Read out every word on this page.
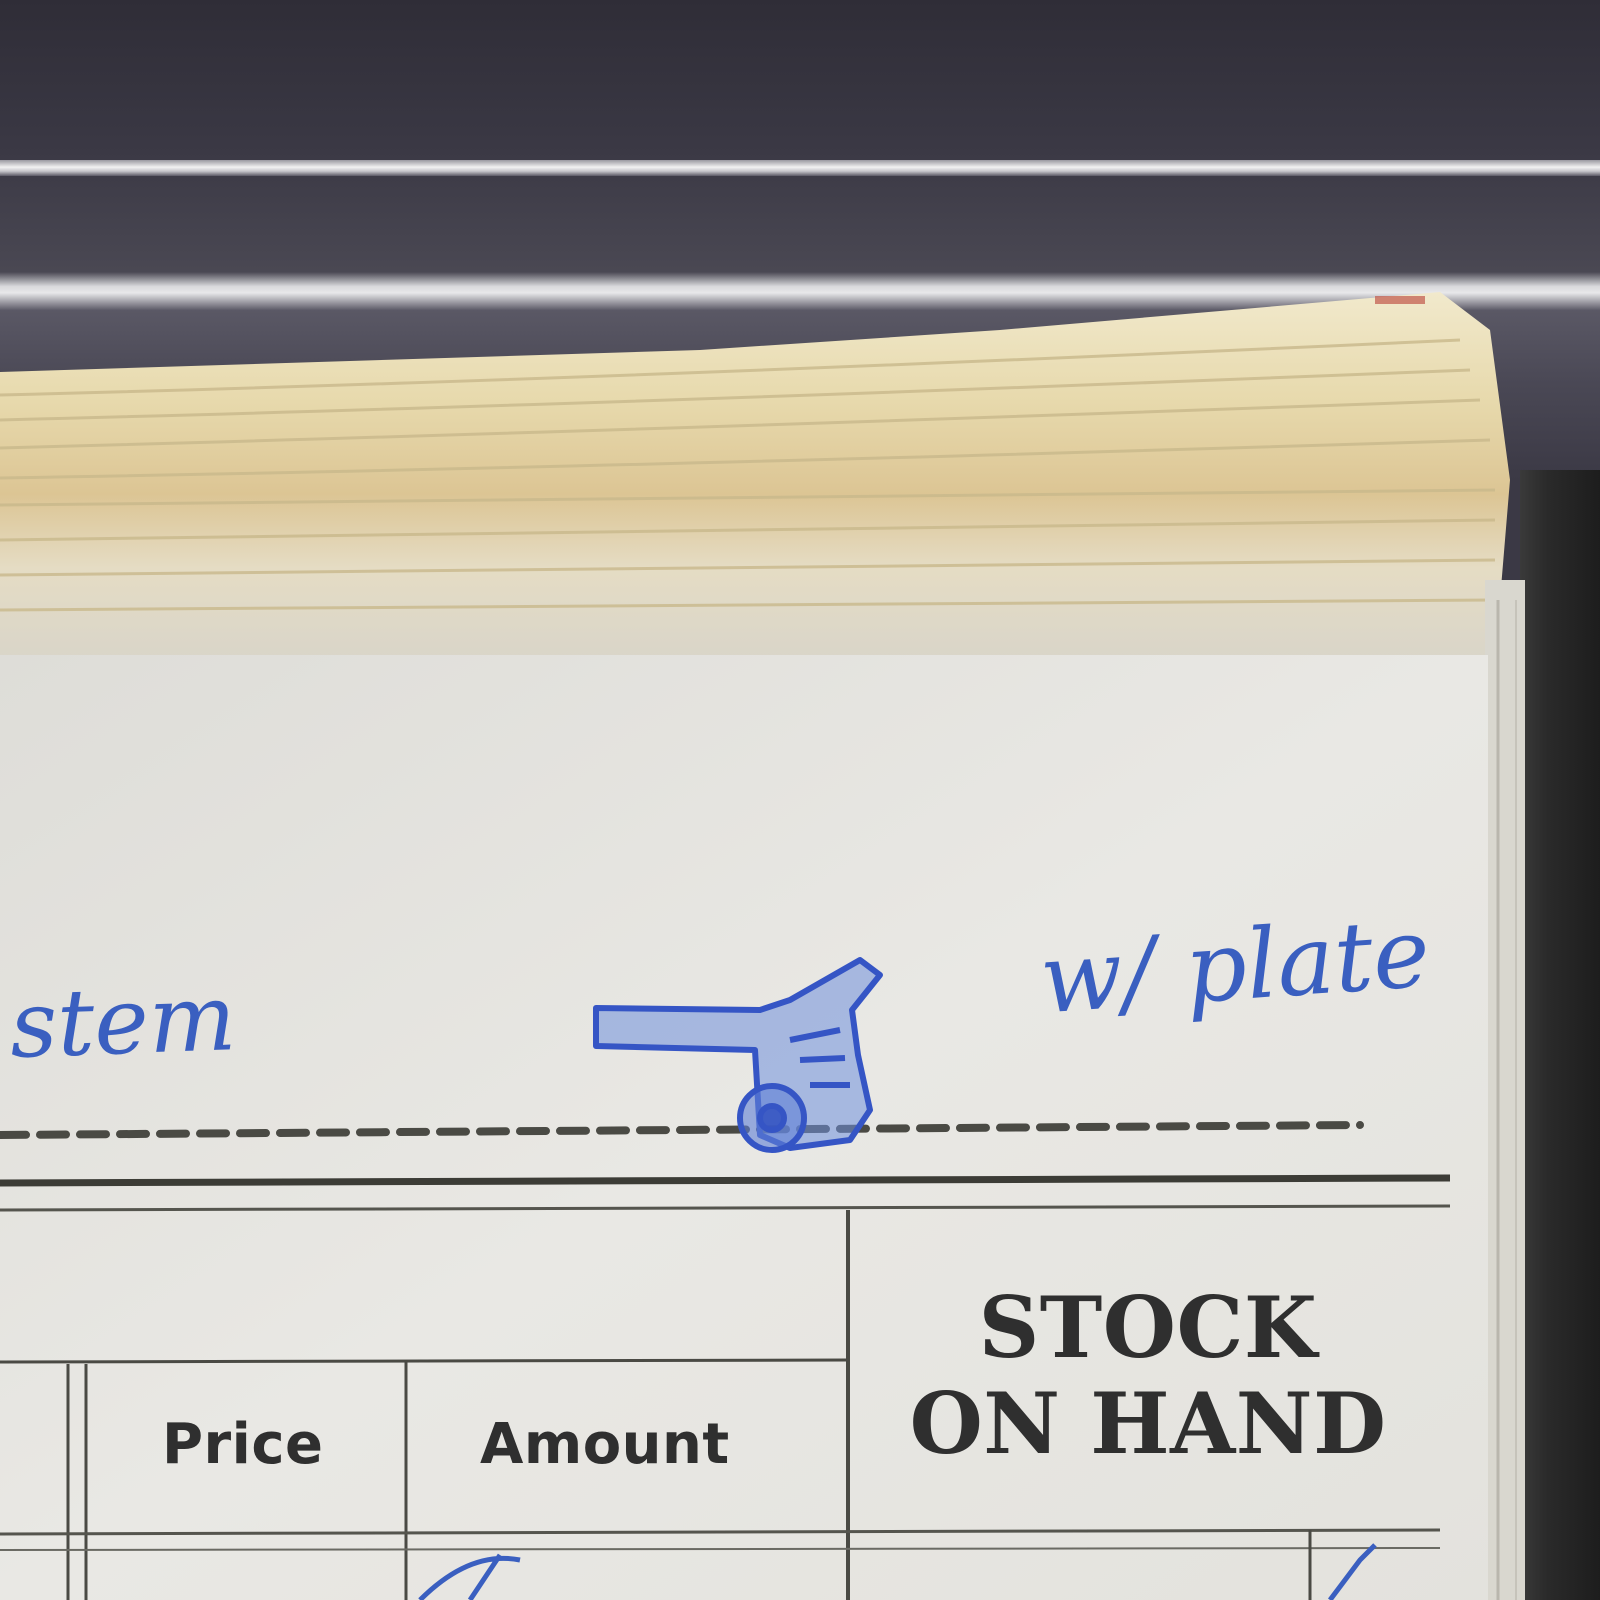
stem	w/ plate
Price	Amount
STOCK
ON HAND
